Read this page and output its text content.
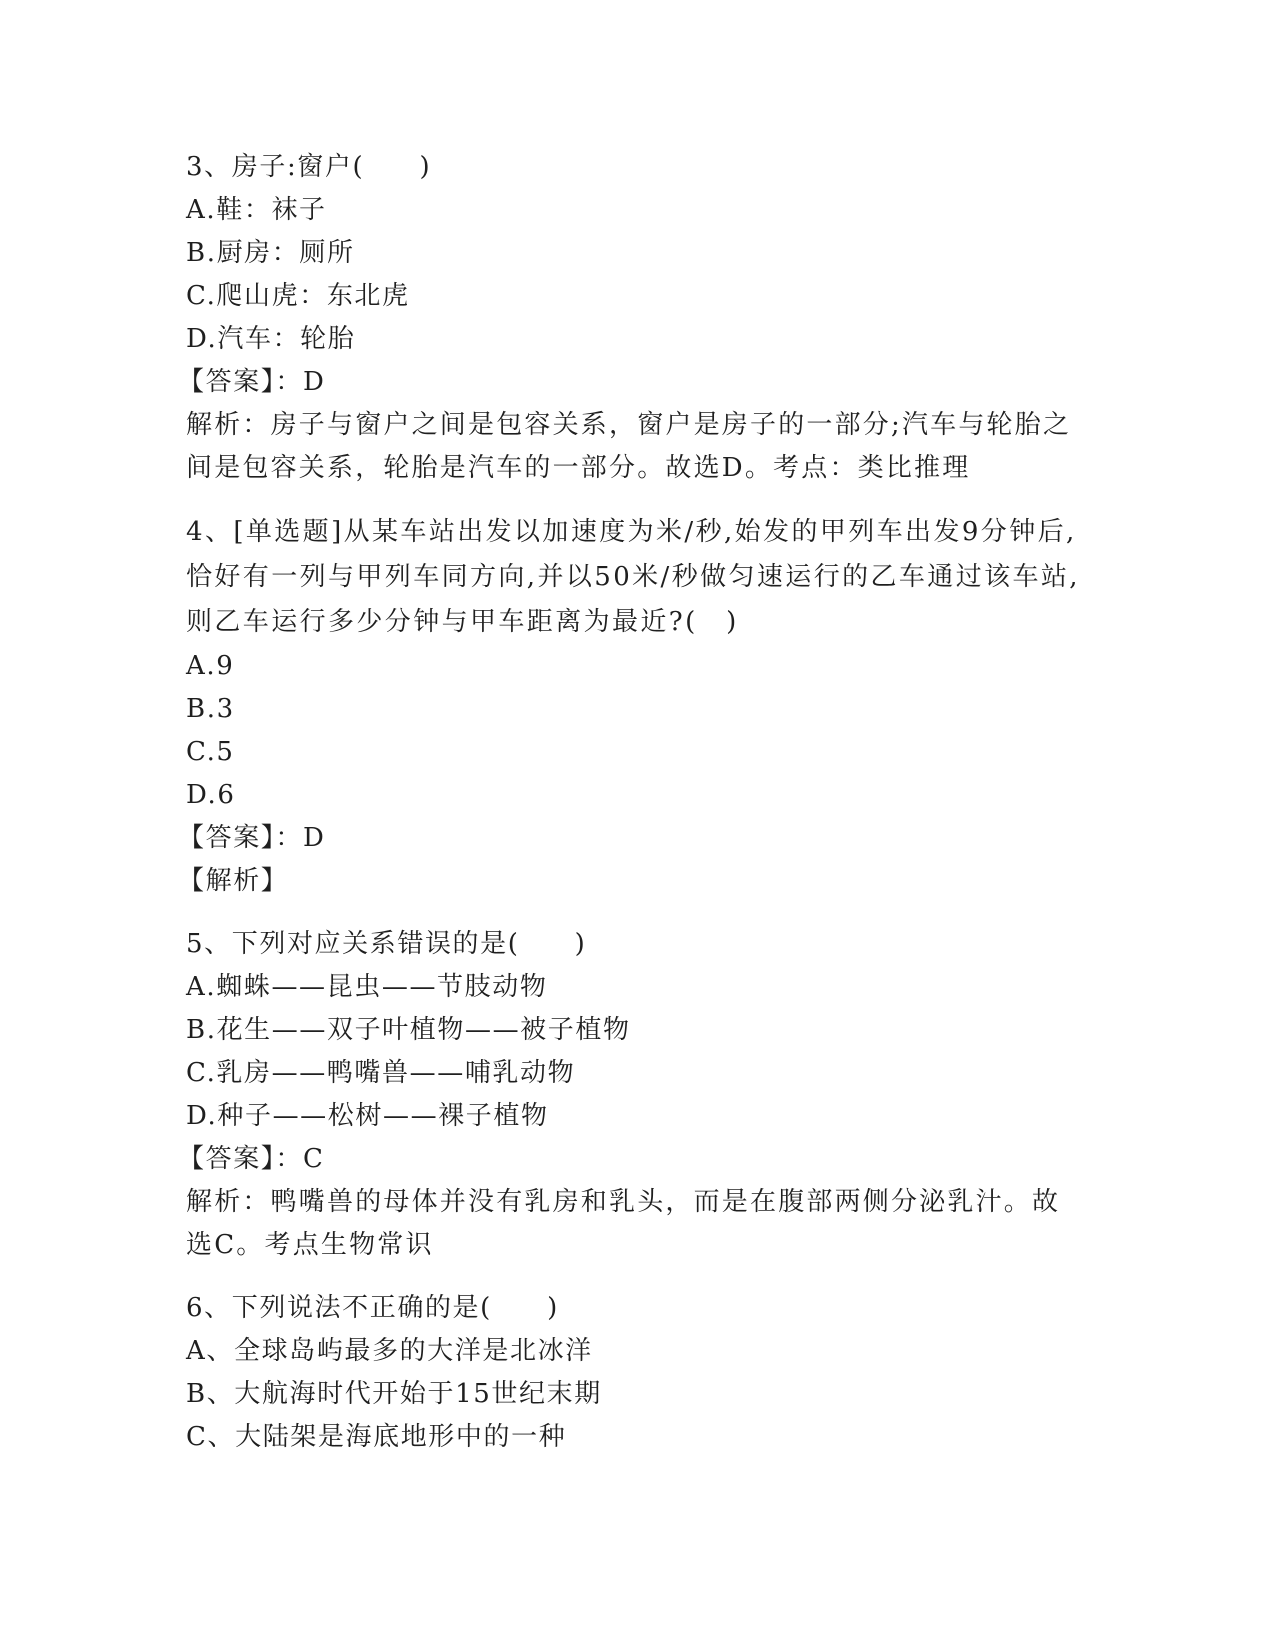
3、房子:窗户(　　)
A.鞋：袜子
B.厨房：厕所
C.爬山虎：东北虎
D.汽车：轮胎
【答案】：D
解析：房子与窗户之间是包容关系，窗户是房子的一部分;汽车与轮胎之间是包容关系，轮胎是汽车的一部分。故选D。考点：类比推理
4、[单选题]从某车站出发以加速度为米/秒,始发的甲列车出发9分钟后,恰好有一列与甲列车同方向,并以50米/秒做匀速运行的乙车通过该车站,则乙车运行多少分钟与甲车距离为最近?(　)
A.9
B.3
C.5
D.6
【答案】：D
【解析】
5、下列对应关系错误的是(　　)
A.蜘蛛——昆虫——节肢动物
B.花生——双子叶植物——被子植物
C.乳房——鸭嘴兽——哺乳动物
D.种子——松树——裸子植物
【答案】：C
解析：鸭嘴兽的母体并没有乳房和乳头，而是在腹部两侧分泌乳汁。故选C。考点生物常识
6、下列说法不正确的是(　　)
A、全球岛屿最多的大洋是北冰洋
B、大航海时代开始于15世纪末期
C、大陆架是海底地形中的一种
